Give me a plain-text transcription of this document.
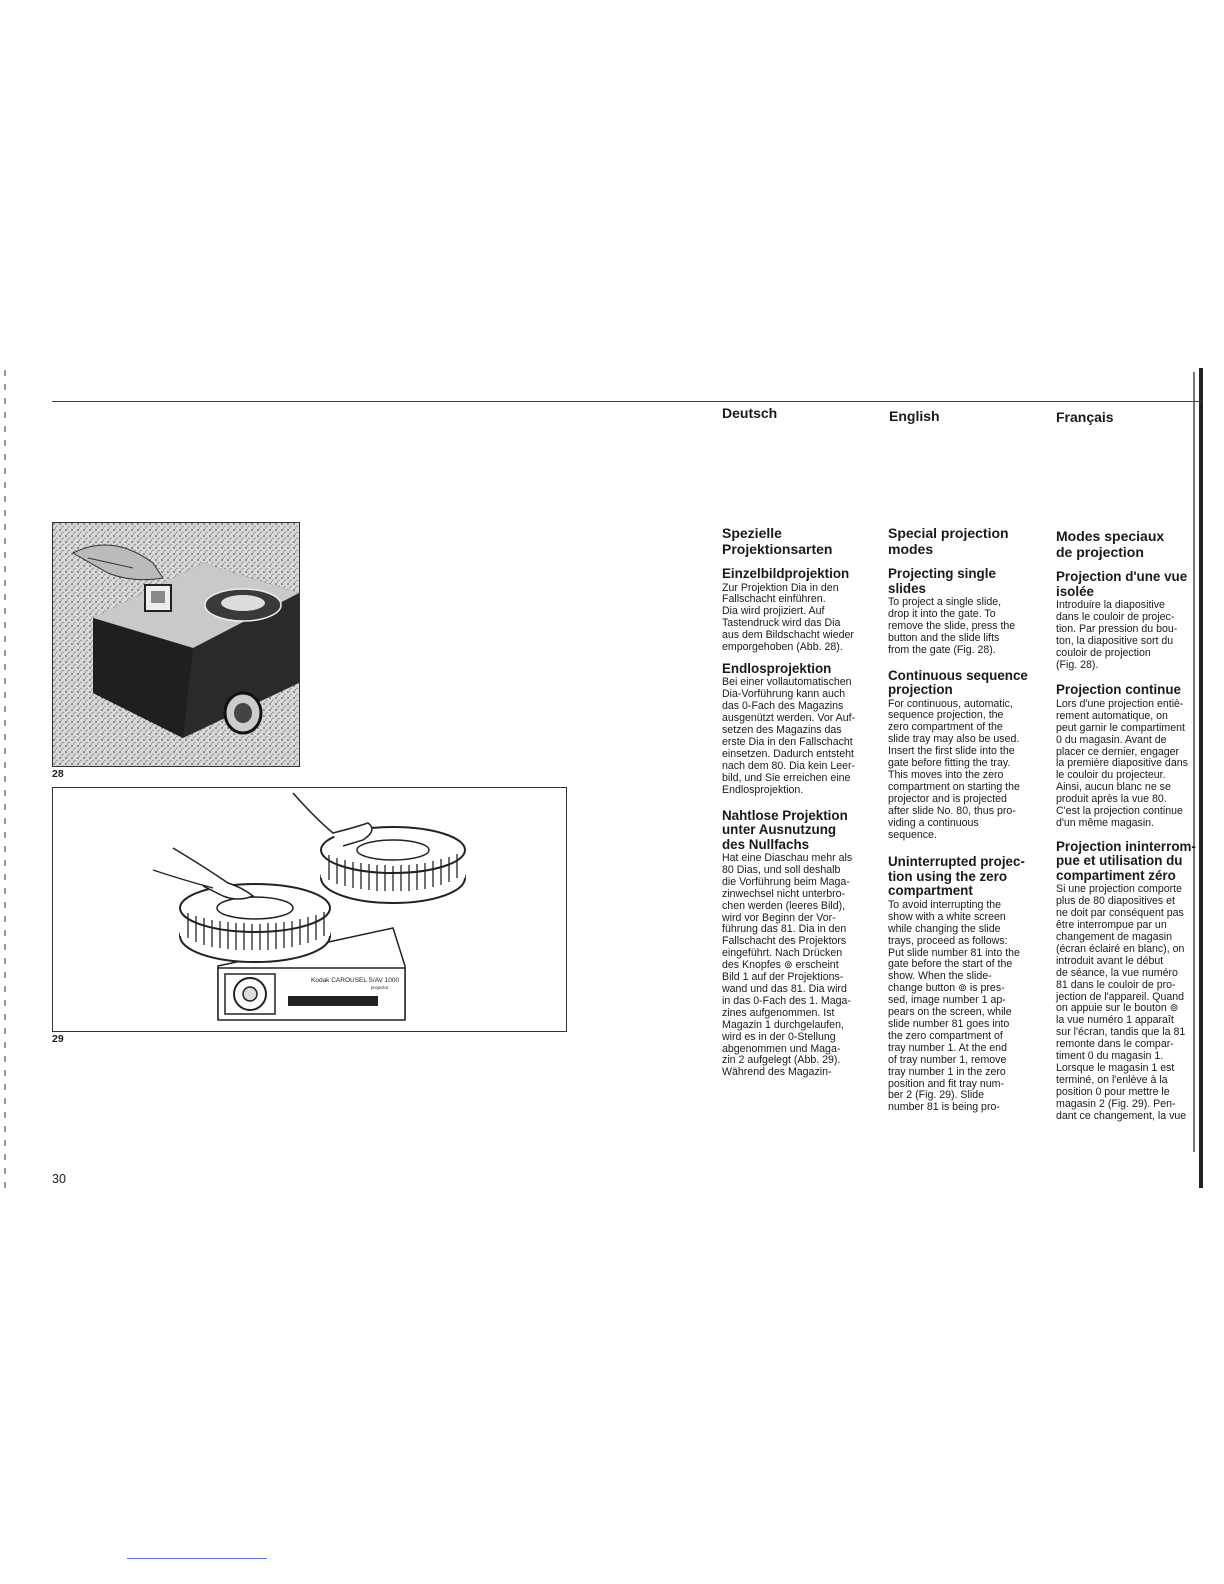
Deutsch	English	Français
28
Kodak CAROUSEL S/AV 1000
projector
29
Spezielle
Projektionsarten
Einzelbildprojektion

Zur Projektion Dia in den
Fallschacht einführen.
Dia wird projiziert. Auf
Tastendruck wird das Dia
aus dem Bildschacht wieder
emporgehoben (Abb. 28).

Endlosprojektion

Bei einer vollautomatischen
Dia-Vorführung kann auch
das 0-Fach des Magazins
ausgenützt werden. Vor Auf-
setzen des Magazins das
erste Dia in den Fallschacht
einsetzen. Dadurch entsteht
nach dem 80. Dia kein Leer-
bild, und Sie erreichen eine
Endlosprojektion.

Nahtlose Projektion
unter Ausnutzung
des Nullfachs

Hat eine Diaschau mehr als
80 Dias, und soll deshalb
die Vorführung beim Maga-
zinwechsel nicht unterbro-
chen werden (leeres Bild),
wird vor Beginn der Vor-
führung das 81. Dia in den
Fallschacht des Projektors
eingeführt. Nach Drücken
des Knopfes ⊚ erscheint
Bild 1 auf der Projektions-
wand und das 81. Dia wird
in das 0-Fach des 1. Maga-
zines aufgenommen. Ist
Magazin 1 durchgelaufen,
wird es in der 0-Stellung
abgenommen und Maga-
zin 2 aufgelegt (Abb. 29).
Während des Magazin-

Special projection
modes
Projecting single
slides

To project a single slide,
drop it into the gate. To
remove the slide, press the
button and the slide lifts
from the gate (Fig. 28).

Continuous sequence
projection

For continuous, automatic,
sequence projection, the
zero compartment of the
slide tray may also be used.
Insert the first slide into the
gate before fitting the tray.
This moves into the zero
compartment on starting the
projector and is projected
after slide No. 80, thus pro-
viding a continuous
sequence.

Uninterrupted projec-
tion using the zero
compartment

To avoid interrupting the
show with a white screen
while changing the slide
trays, proceed as follows:
Put slide number 81 into the
gate before the start of the
show. When the slide-
change button ⊚ is pres-
sed, image number 1 ap-
pears on the screen, while
slide number 81 goes into
the zero compartment of
tray number 1. At the end
of tray number 1, remove
tray number 1 in the zero
position and fit tray num-
ber 2 (Fig. 29). Slide
number 81 is being pro-

Modes speciaux
de projection
Projection d'une vue
isolée

Introduire la diapositive
dans le couloir de projec-
tion. Par pression du bou-
ton, la diapositive sort du
couloir de projection
(Fig. 28).

Projection continue

Lors d'une projection entiè-
rement automatique, on
peut garnir le compartiment
0 du magasin. Avant de
placer ce dernier, engager
la première diapositive dans
le couloir du projecteur.
Ainsi, aucun blanc ne se
produit après la vue 80.
C'est la projection continue
d'un même magasin.

Projection ininterrom-
pue et utilisation du
compartiment zéro

Si une projection comporte
plus de 80 diapositives et
ne doit par conséquent pas
être interrompue par un
changement de magasin
(écran éclairé en blanc), on
introduit avant le début
de séance, la vue numéro
81 dans le couloir de pro-
jection de l'appareil. Quand
on appuie sur le bouton ⊚
la vue numéro 1 apparaît
sur l'écran, tandis que la 81
remonte dans le compar-
timent 0 du magasin 1.
Lorsque le magasin 1 est
terminé, on l'enlève à la
position 0 pour mettre le
magasin 2 (Fig. 29). Pen-
dant ce changement, la vue

30
